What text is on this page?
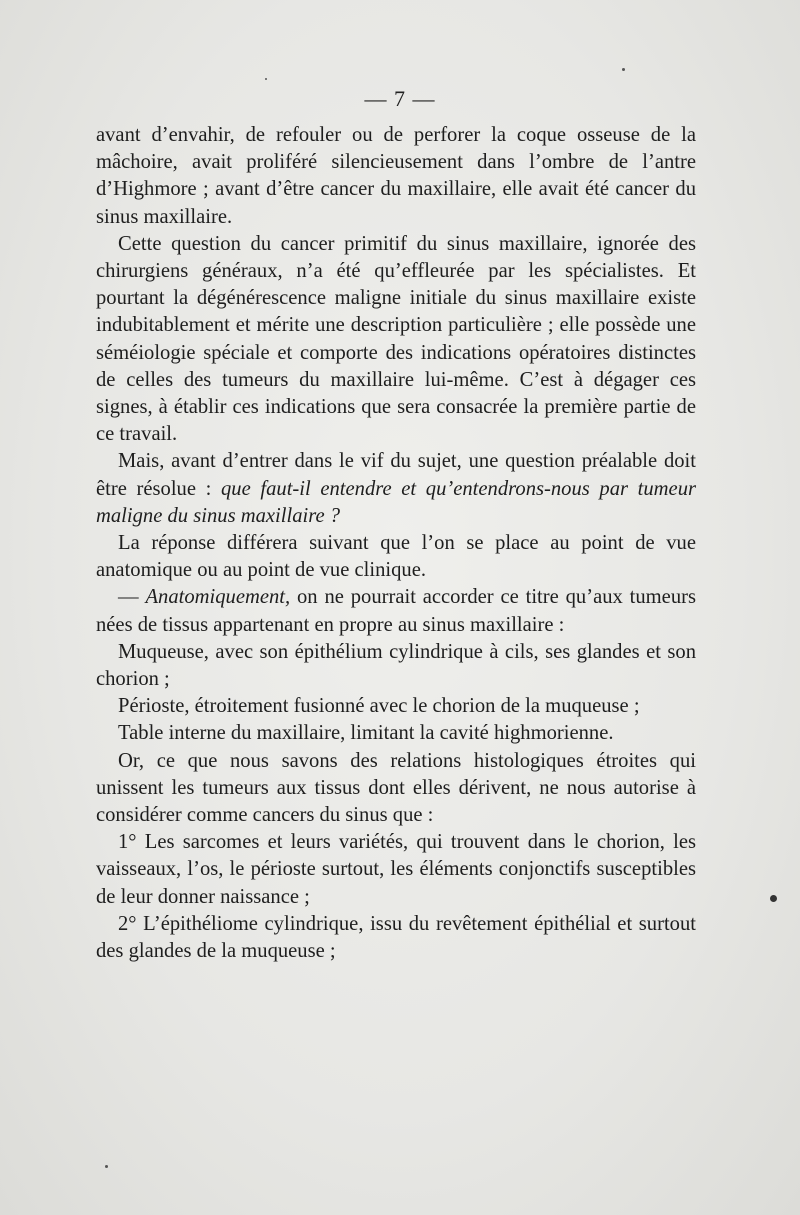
— 7 —

avant d’envahir, de refouler ou de perforer la coque osseuse de la mâchoire, avait proliféré silencieusement dans l’ombre de l’antre d’Highmore ; avant d’être cancer du maxillaire, elle avait été cancer du sinus maxillaire.

Cette question du cancer primitif du sinus maxillaire, ignorée des chirurgiens généraux, n’a été qu’effleurée par les spécialistes. Et pourtant la dégénérescence maligne initiale du sinus maxillaire existe indubitablement et mérite une description particulière ; elle possède une séméiologie spéciale et comporte des indications opératoires distinctes de celles des tumeurs du maxillaire lui-même. C’est à dégager ces signes, à établir ces indications que sera consacrée la première partie de ce travail.

Mais, avant d’entrer dans le vif du sujet, une question préalable doit être résolue : que faut-il entendre et qu’entendrons-nous par tumeur maligne du sinus maxillaire ?

La réponse différera suivant que l’on se place au point de vue anatomique ou au point de vue clinique.

— Anatomiquement, on ne pourrait accorder ce titre qu’aux tumeurs nées de tissus appartenant en propre au sinus maxillaire :

Muqueuse, avec son épithélium cylindrique à cils, ses glandes et son chorion ;

Périoste, étroitement fusionné avec le chorion de la muqueuse ;

Table interne du maxillaire, limitant la cavité highmorienne.

Or, ce que nous savons des relations histologiques étroites qui unissent les tumeurs aux tissus dont elles dérivent, ne nous autorise à considérer comme cancers du sinus que :

1° Les sarcomes et leurs variétés, qui trouvent dans le chorion, les vaisseaux, l’os, le périoste surtout, les éléments conjonctifs susceptibles de leur donner naissance ;

2° L’épithéliome cylindrique, issu du revêtement épithélial et surtout des glandes de la muqueuse ;
